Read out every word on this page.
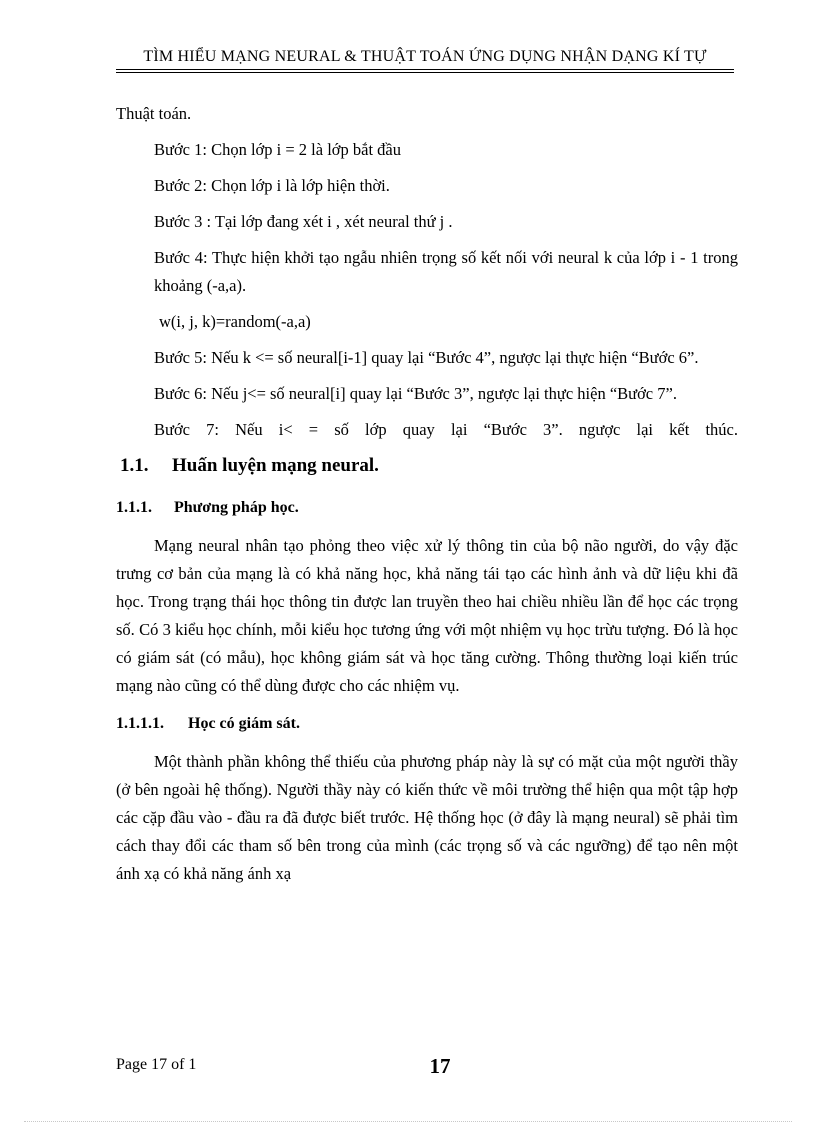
TÌM HIỂU MẠNG NEURAL & THUẬT TOÁN ỨNG DỤNG NHẬN DẠNG KÍ TỰ

Thuật toán.

Bước 1: Chọn lớp i = 2 là lớp bắt đầu

Bước 2: Chọn lớp i là lớp hiện thời.

Bước 3 : Tại lớp đang xét i , xét neural thứ j .

Bước 4: Thực hiện khởi tạo ngẫu nhiên trọng số kết nối với neural k của lớp i - 1 trong khoảng (-a,a).

w(i, j, k)=random(-a,a)

Bước 5: Nếu k <= số neural[i-1] quay lại “Bước 4”, ngược lại thực hiện “Bước 6”.

Bước 6: Nếu j<= số neural[i] quay lại “Bước 3”, ngược lại thực hiện “Bước 7”.

Bước 7: Nếu i< = số lớp quay lại “Bước 3”. ngược lại kết thúc.

1.1. Huấn luyện mạng neural.

1.1.1. Phương pháp học.

Mạng neural nhân tạo phỏng theo việc xử lý thông tin của bộ não người, do vậy đặc trưng cơ bản của mạng là có khả năng học, khả năng tái tạo các hình ảnh và dữ liệu khi đã học. Trong trạng thái học thông tin được lan truyền theo hai chiều nhiều lần để học các trọng số. Có 3 kiểu học chính, mỗi kiểu học tương ứng với một nhiệm vụ học trừu tượng. Đó là học có giám sát (có mẫu), học không giám sát và học tăng cường. Thông thường loại kiến trúc mạng nào cũng có thể dùng được cho các nhiệm vụ.

1.1.1.1. Học có giám sát.

Một thành phần không thể thiếu của phương pháp này là sự có mặt của một người thầy (ở bên ngoài hệ thống). Người thầy này có kiến thức về môi trường thể hiện qua một tập hợp các cặp đầu vào - đầu ra đã được biết trước. Hệ thống học (ở đây là mạng neural) sẽ phải tìm cách thay đổi các tham số bên trong của mình (các trọng số và các ngưỡng) để tạo nên một ánh xạ có khả năng ánh xạ

Page 17 of 1	17
